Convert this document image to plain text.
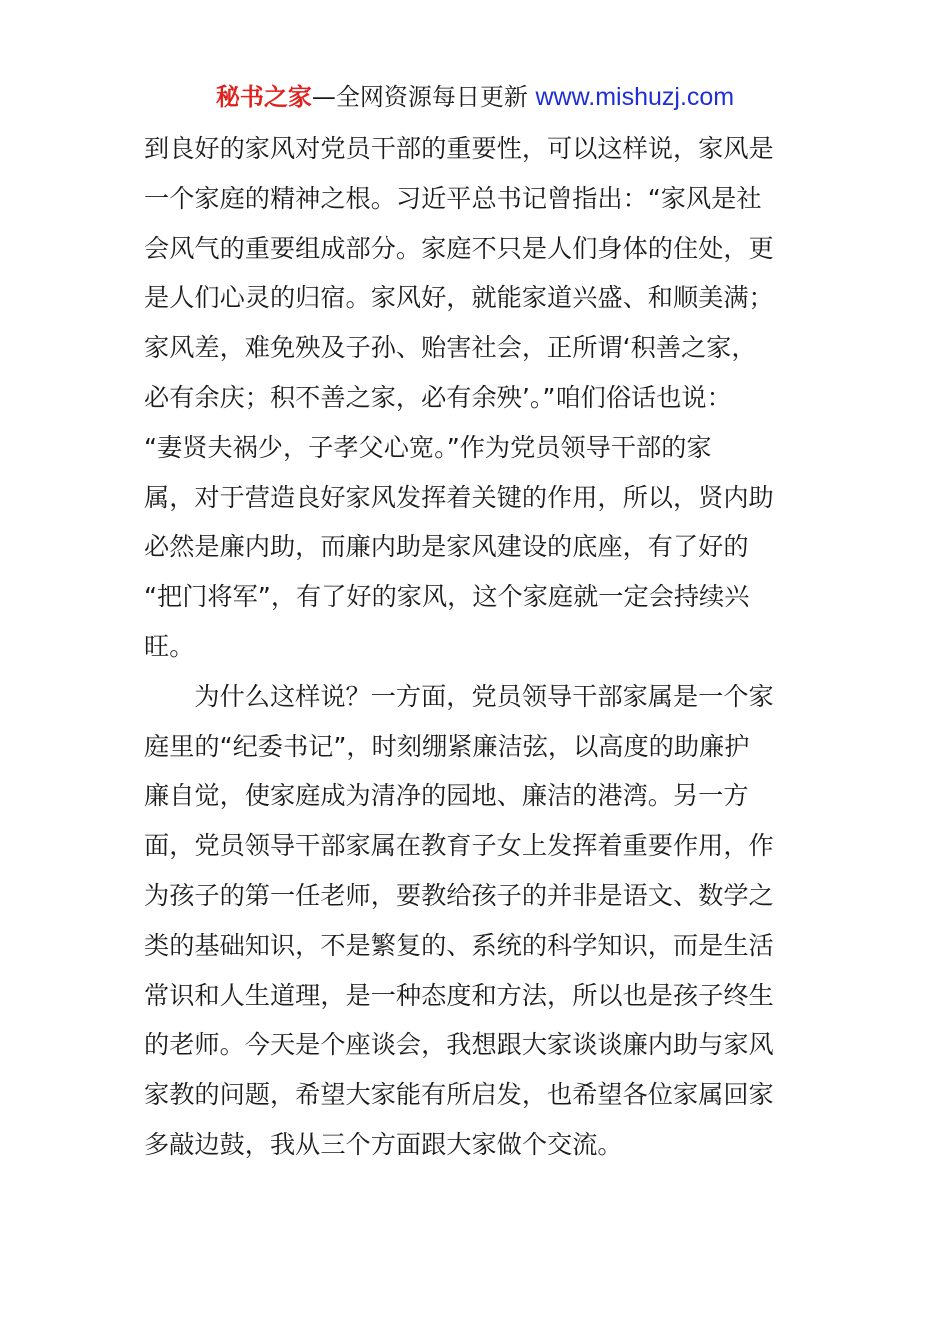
秘书之家—全网资源每日更新 www.mishuzj.com
到良好的家风对党员干部的重要性，可以这样说，家风是
一个家庭的精神之根。习近平总书记曾指出：“家风是社
会风气的重要组成部分。家庭不只是人们身体的住处，更
是人们心灵的归宿。家风好，就能家道兴盛、和顺美满；
家风差，难免殃及子孙、贻害社会，正所谓‘积善之家，
必有余庆；积不善之家，必有余殃’。”咱们俗话也说：
“妻贤夫祸少，子孝父心宽。”作为党员领导干部的家
属，对于营造良好家风发挥着关键的作用，所以，贤内助
必然是廉内助，而廉内助是家风建设的底座，有了好的
“把门将军”，有了好的家风，这个家庭就一定会持续兴
旺。
为什么这样说？一方面，党员领导干部家属是一个家
庭里的“纪委书记”，时刻绷紧廉洁弦，以高度的助廉护
廉自觉，使家庭成为清净的园地、廉洁的港湾。另一方
面，党员领导干部家属在教育子女上发挥着重要作用，作
为孩子的第一任老师，要教给孩子的并非是语文、数学之
类的基础知识，不是繁复的、系统的科学知识，而是生活
常识和人生道理，是一种态度和方法，所以也是孩子终生
的老师。今天是个座谈会，我想跟大家谈谈廉内助与家风
家教的问题，希望大家能有所启发，也希望各位家属回家
多敲边鼓，我从三个方面跟大家做个交流。
